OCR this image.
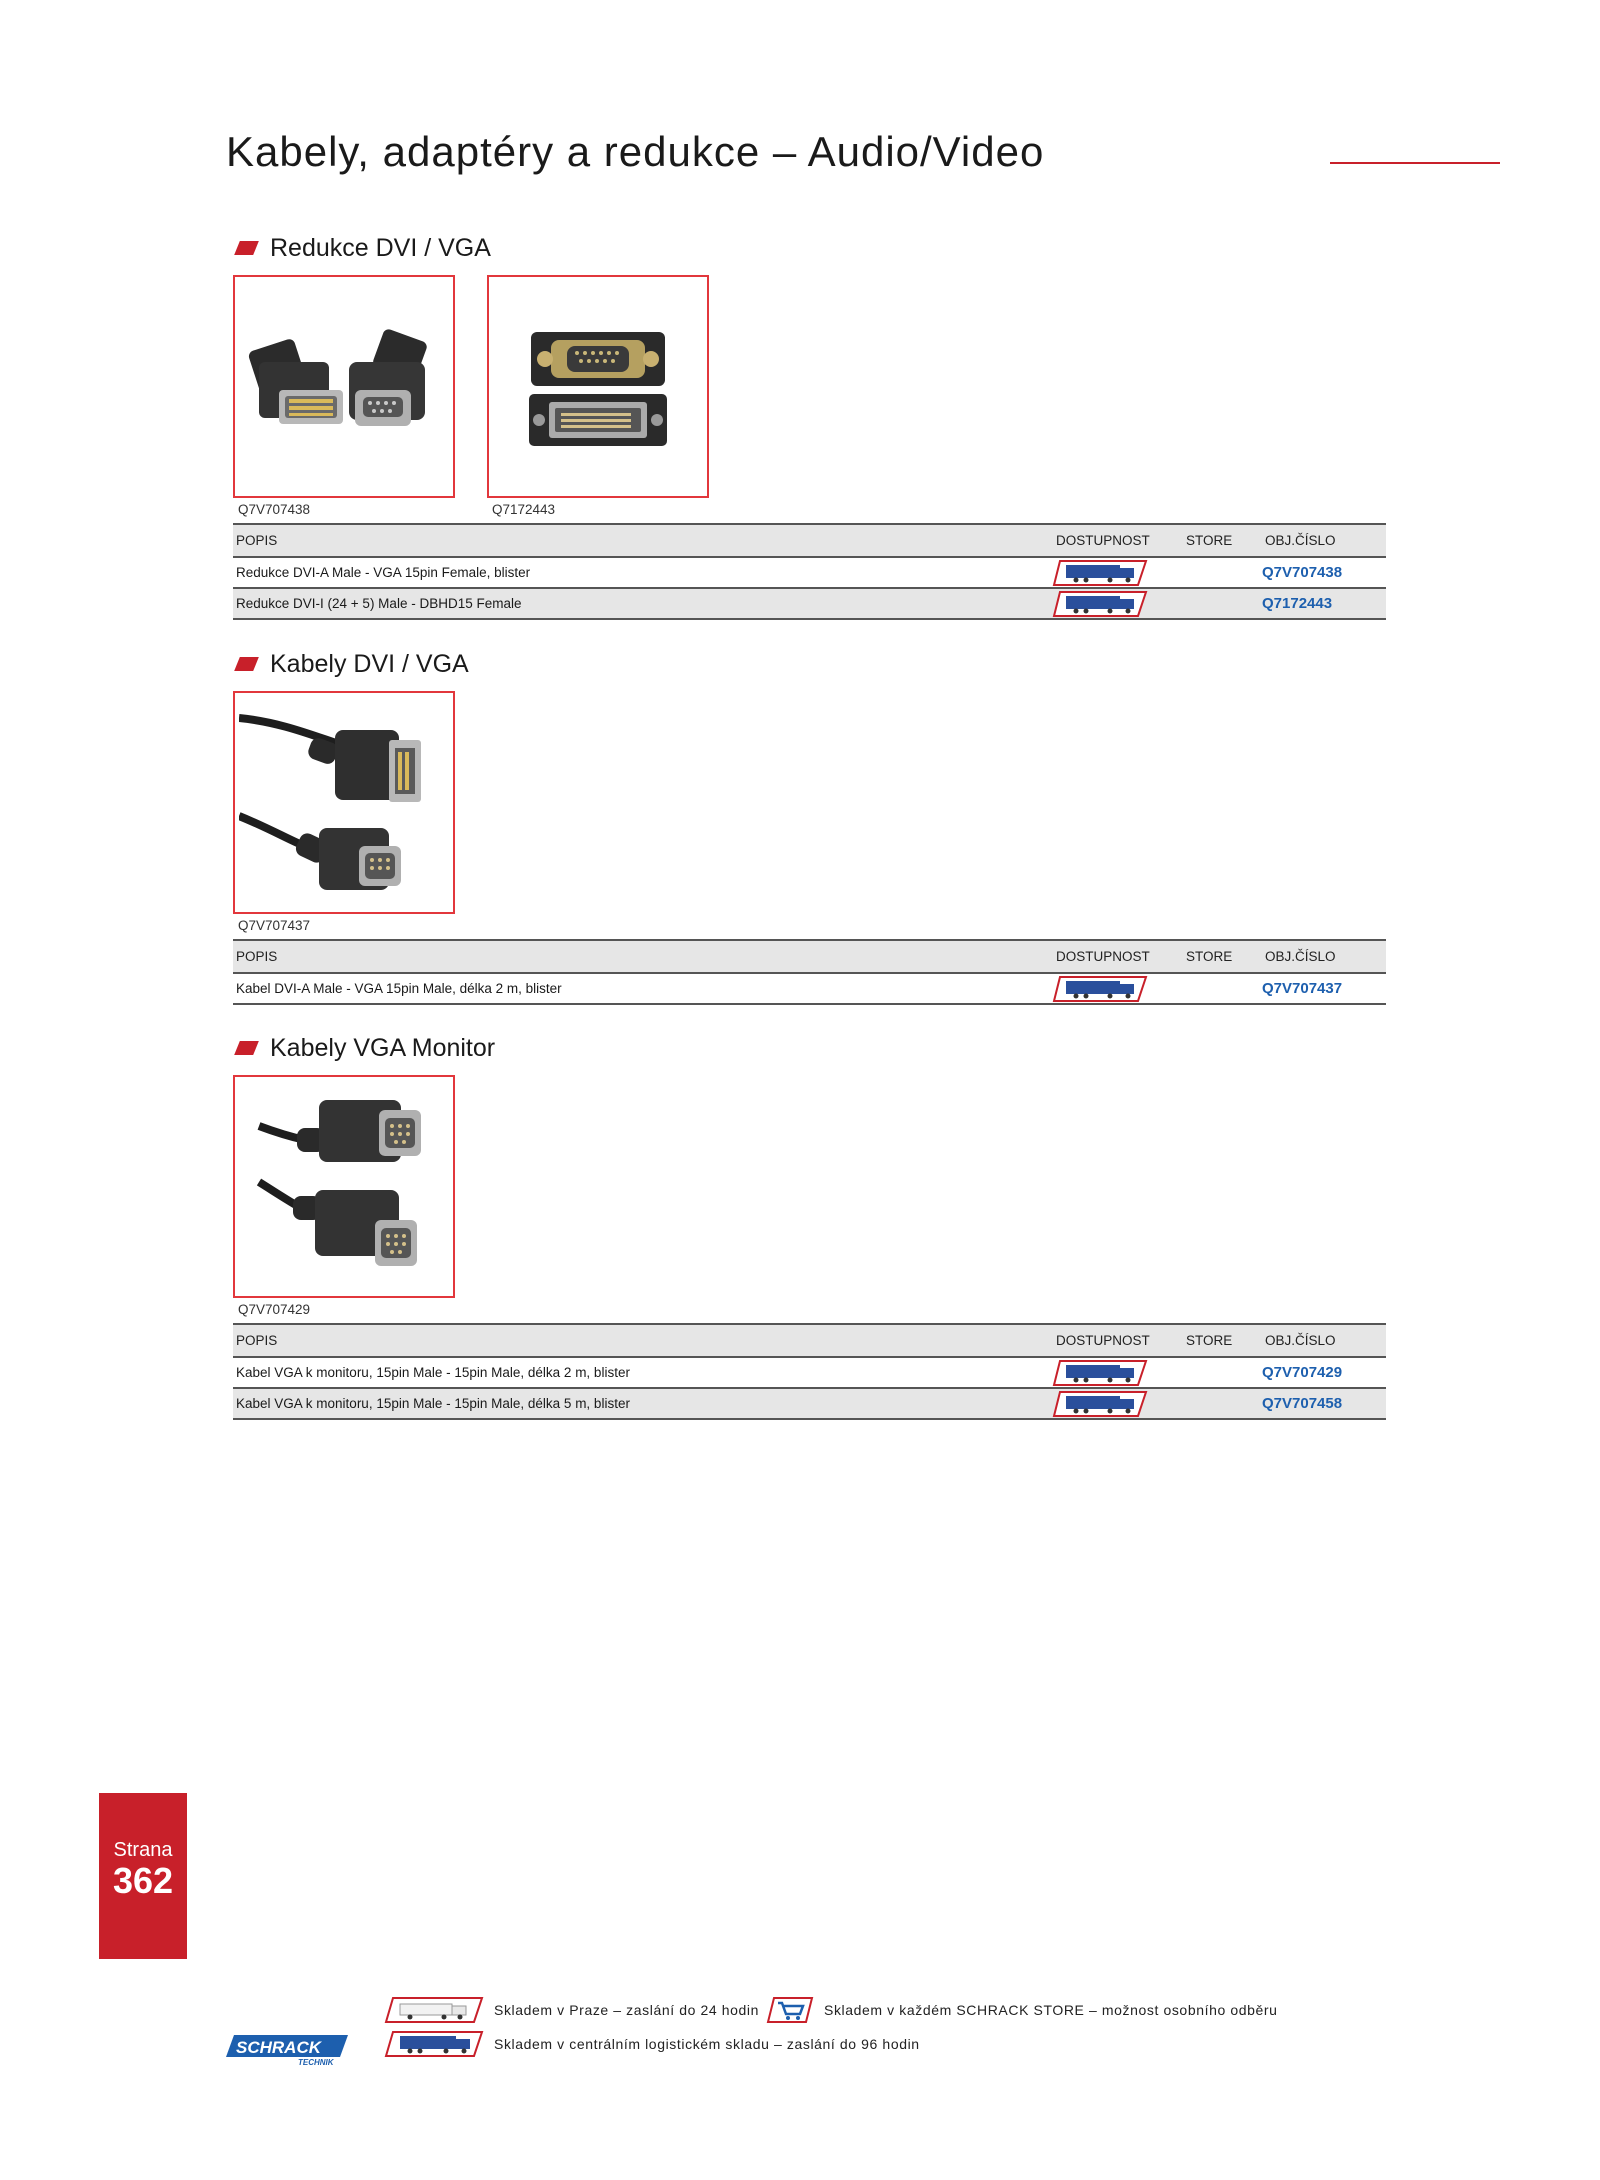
Kabely, adaptéry a redukce – Audio/Video
Redukce DVI / VGA
Q7V707438	Q7172443
POPIS	DOSTUPNOST	STORE	OBJ.ČÍSLO
Redukce DVI-A Male - VGA 15pin Female, blister			Q7V707438
Redukce DVI-I (24 + 5) Male - DBHD15 Female			Q7172443
Kabely DVI / VGA
Q7V707437
POPIS	DOSTUPNOST	STORE	OBJ.ČÍSLO
Kabel DVI-A Male - VGA 15pin Male, délka 2 m, blister			Q7V707437
Kabely VGA Monitor
Q7V707429
POPIS	DOSTUPNOST	STORE	OBJ.ČÍSLO
Kabel VGA k monitoru, 15pin Male - 15pin Male, délka 2 m, blister			Q7V707429
Kabel VGA k monitoru, 15pin Male - 15pin Male, délka 5 m, blister			Q7V707458
Strana
362
Skladem v Praze – zaslání do 24 hodin	Skladem v každém SCHRACK STORE – možnost osobního odběru
Skladem v centrálním logistickém skladu – zaslání do 96 hodin
SCHRACK
TECHNIK
